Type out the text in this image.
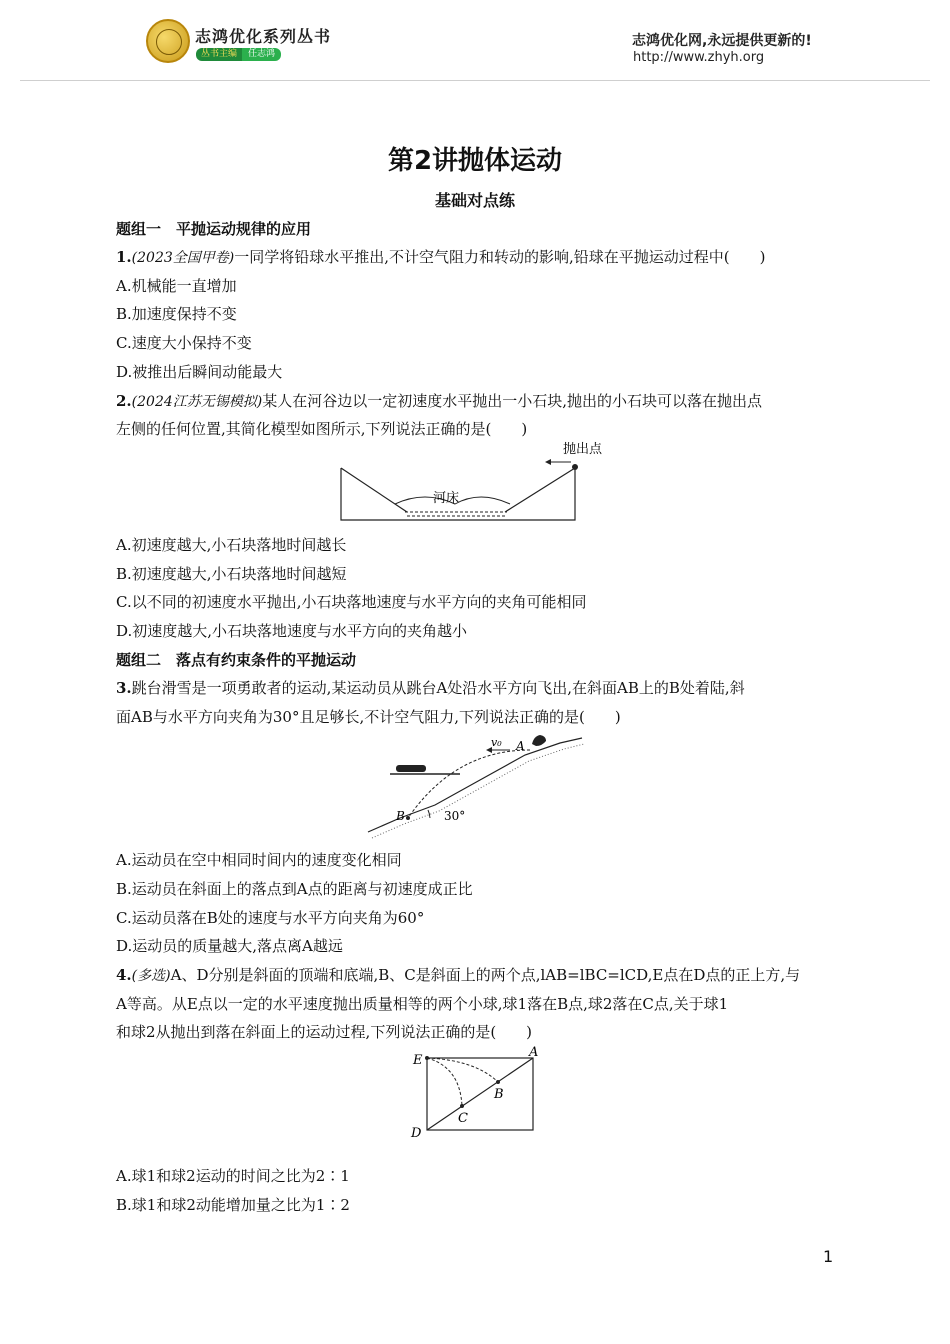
志鸿优化系列丛书
丛书主编 任志鸿
志鸿优化网,永远提供更新的!
http://www.zhyh.org
第2讲抛体运动
基础对点练
题组一　平抛运动规律的应用
1.(2023全国甲卷)一同学将铅球水平推出,不计空气阻力和转动的影响,铅球在平抛运动过程中(　　)
A.机械能一直增加
B.加速度保持不变
C.速度大小保持不变
D.被推出后瞬间动能最大
2.(2024江苏无锡模拟)某人在河谷边以一定初速度水平抛出一小石块,抛出的小石块可以落在抛出点
左侧的任何位置,其简化模型如图所示,下列说法正确的是(　　)
抛出点
河床
A.初速度越大,小石块落地时间越长
B.初速度越大,小石块落地时间越短
C.以不同的初速度水平抛出,小石块落地速度与水平方向的夹角可能相同
D.初速度越大,小石块落地速度与水平方向的夹角越小
题组二　落点有约束条件的平抛运动
3.跳台滑雪是一项勇敢者的运动,某运动员从跳台A处沿水平方向飞出,在斜面AB上的B处着陆,斜
面AB与水平方向夹角为30°且足够长,不计空气阻力,下列说法正确的是(　　)
v₀ A
B	30°
A.运动员在空中相同时间内的速度变化相同
B.运动员在斜面上的落点到A点的距离与初速度成正比
C.运动员落在B处的速度与水平方向夹角为60°
D.运动员的质量越大,落点离A越远
4.(多选)A、D分别是斜面的顶端和底端,B、C是斜面上的两个点,lAB=lBC=lCD,E点在D点的正上方,与
A等高。从E点以一定的水平速度抛出质量相等的两个小球,球1落在B点,球2落在C点,关于球1
和球2从抛出到落在斜面上的运动过程,下列说法正确的是(　　)
E
A
B
C
D
A.球1和球2运动的时间之比为2∶1
B.球1和球2动能增加量之比为1∶2
1
